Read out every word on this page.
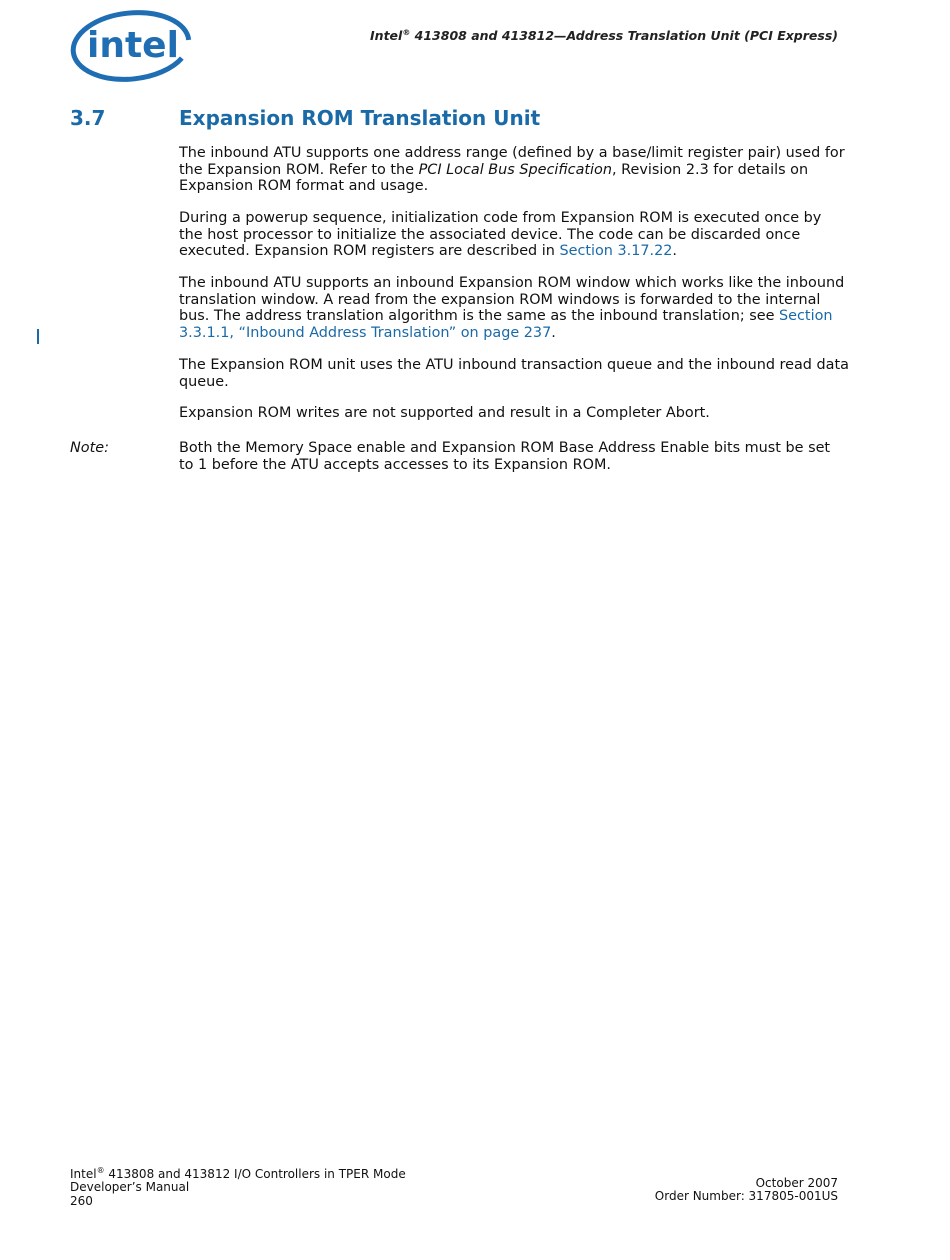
intel	Intel® 413808 and 413812—Address Translation Unit (PCI Express)
3.7	Expansion ROM Translation Unit
The inbound ATU supports one address range (defined by a base/limit register pair) used for the Expansion ROM. Refer to the PCI Local Bus Specification, Revision 2.3 for details on Expansion ROM format and usage.
During a powerup sequence, initialization code from Expansion ROM is executed once by the host processor to initialize the associated device. The code can be discarded once executed. Expansion ROM registers are described in Section 3.17.22.
The inbound ATU supports an inbound Expansion ROM window which works like the inbound translation window. A read from the expansion ROM windows is forwarded to the internal bus. The address translation algorithm is the same as the inbound translation; see Section 3.3.1.1, “Inbound Address Translation” on page 237.
The Expansion ROM unit uses the ATU inbound transaction queue and the inbound read data queue.
Expansion ROM writes are not supported and result in a Completer Abort.
Note:	Both the Memory Space enable and Expansion ROM Base Address Enable bits must be set to 1 before the ATU accepts accesses to its Expansion ROM.
Intel® 413808 and 413812 I/O Controllers in TPER Mode
Developer’s Manual
260
October 2007
Order Number: 317805-001US
